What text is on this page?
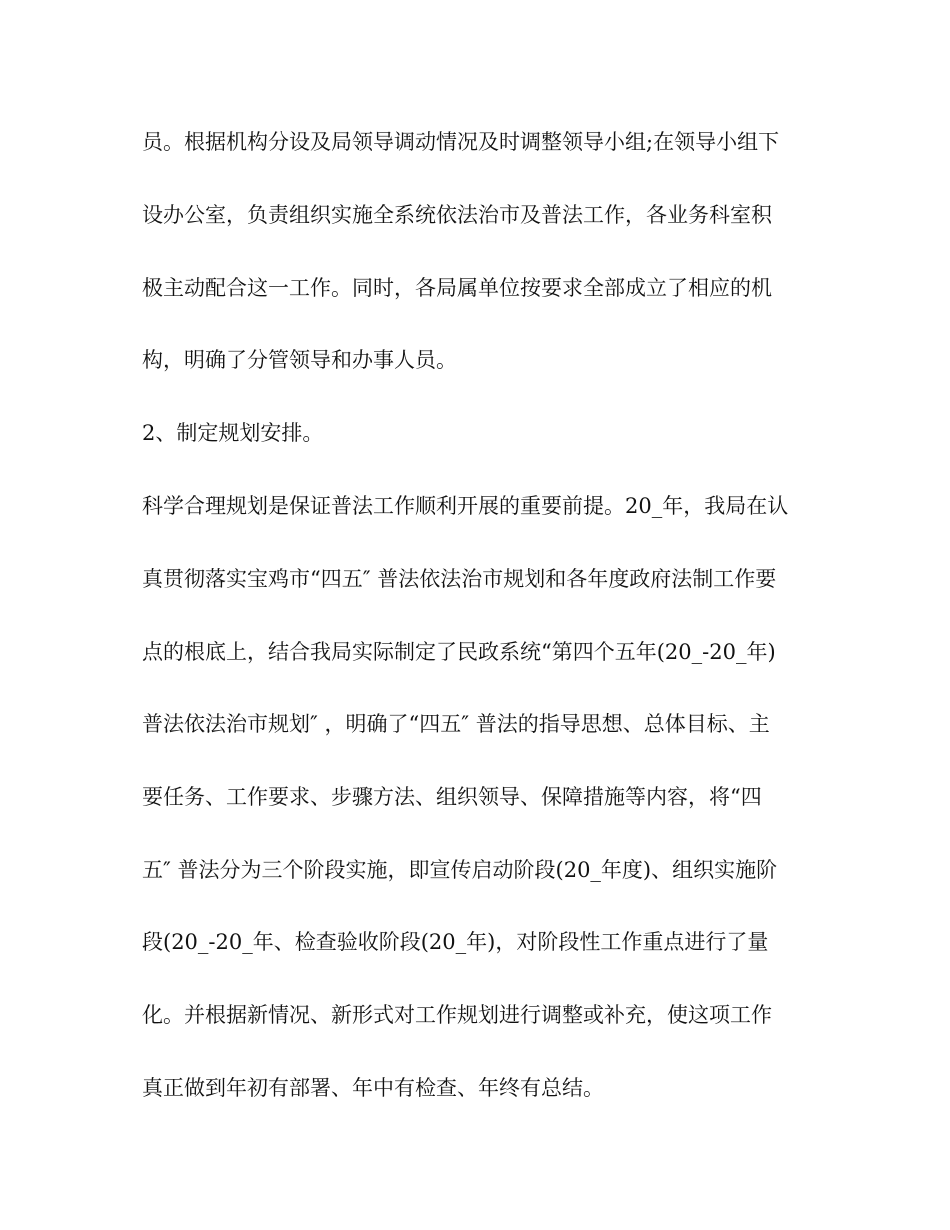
员。根据机构分设及局领导调动情况及时调整领导小组;在领导小组下
设办公室，负责组织实施全系统依法治市及普法工作，各业务科室积
极主动配合这一工作。同时，各局属单位按要求全部成立了相应的机
构，明确了分管领导和办事人员。
2、制定规划安排。
科学合理规划是保证普法工作顺利开展的重要前提。20_年，我局在认
真贯彻落实宝鸡市“四五″ 普法依法治市规划和各年度政府法制工作要
点的根底上，结合我局实际制定了民政系统“第四个五年(20_-20_年)
普法依法治市规划″ ，明确了“四五″ 普法的指导思想、总体目标、主
要任务、工作要求、步骤方法、组织领导、保障措施等内容，将“四
五″ 普法分为三个阶段实施，即宣传启动阶段(20_年度)、组织实施阶
段(20_-20_年、检查验收阶段(20_年)，对阶段性工作重点进行了量
化。并根据新情况、新形式对工作规划进行调整或补充，使这项工作
真正做到年初有部署、年中有检查、年终有总结。
